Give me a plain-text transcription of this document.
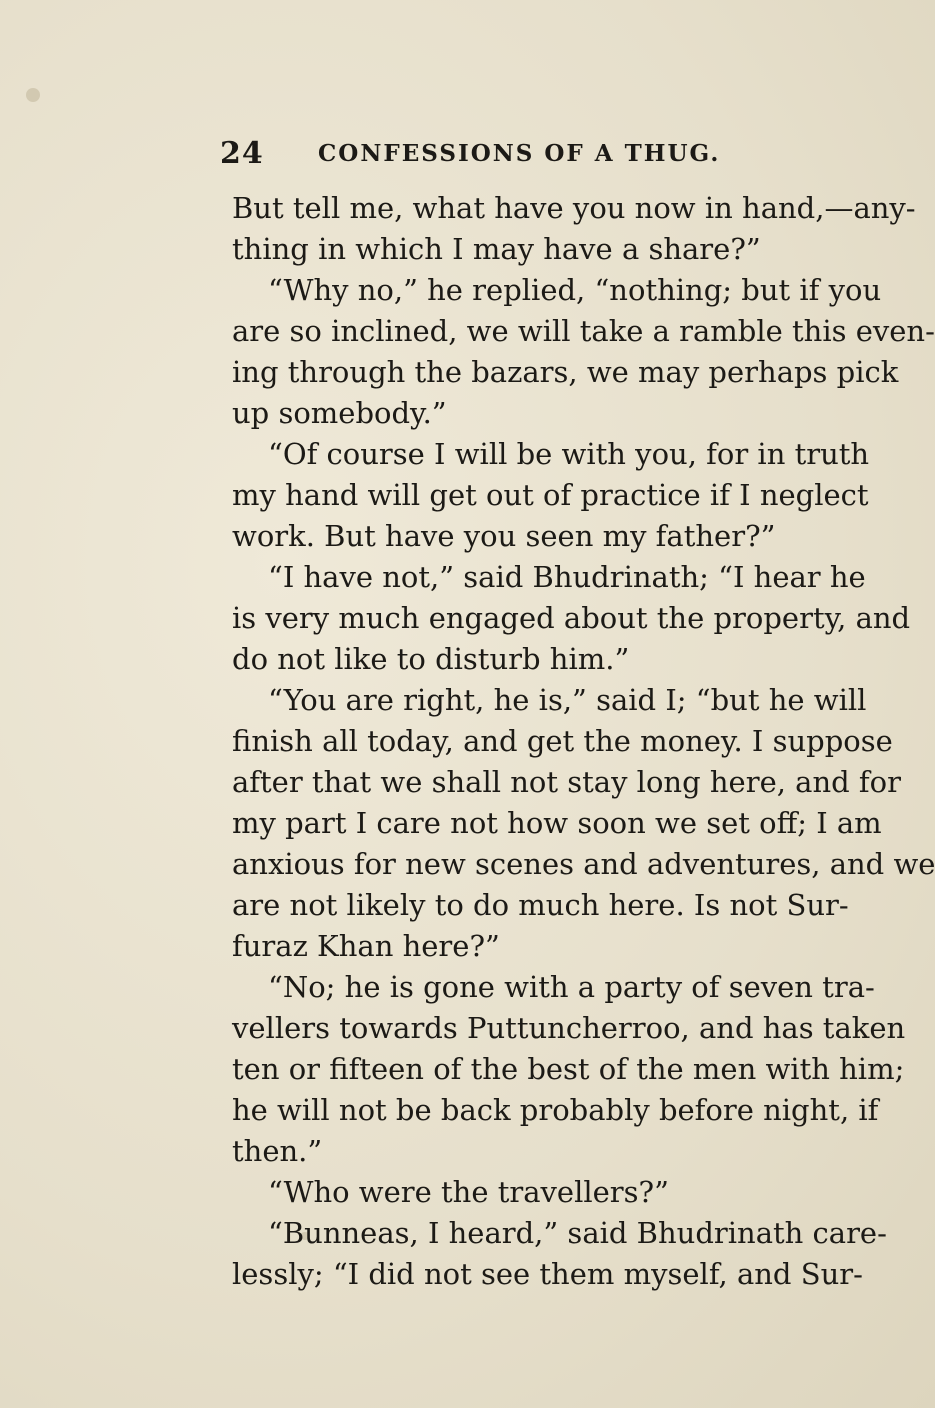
24 CONFESSIONS OF A THUG.
But tell me, what have you now in hand,—any-
thing in which I may have a share?”
“Why no,” he replied, “nothing; but if you
are so inclined, we will take a ramble this even-
ing through the bazars, we may perhaps pick
up somebody.”
“Of course I will be with you, for in truth
my hand will get out of practice if I neglect
work. But have you seen my father?”
“I have not,” said Bhudrinath; “I hear he
is very much engaged about the property, and
do not like to disturb him.”
“You are right, he is,” said I; “but he will
finish all today, and get the money. I suppose
after that we shall not stay long here, and for
my part I care not how soon we set off; I am
anxious for new scenes and adventures, and we
are not likely to do much here. Is not Sur-
furaz Khan here?”
“No; he is gone with a party of seven tra-
vellers towards Puttuncherroo, and has taken
ten or fifteen of the best of the men with him;
he will not be back probably before night, if
then.”
“Who were the travellers?”
“Bunneas, I heard,” said Bhudrinath care-
lessly; “I did not see them myself, and Sur-
